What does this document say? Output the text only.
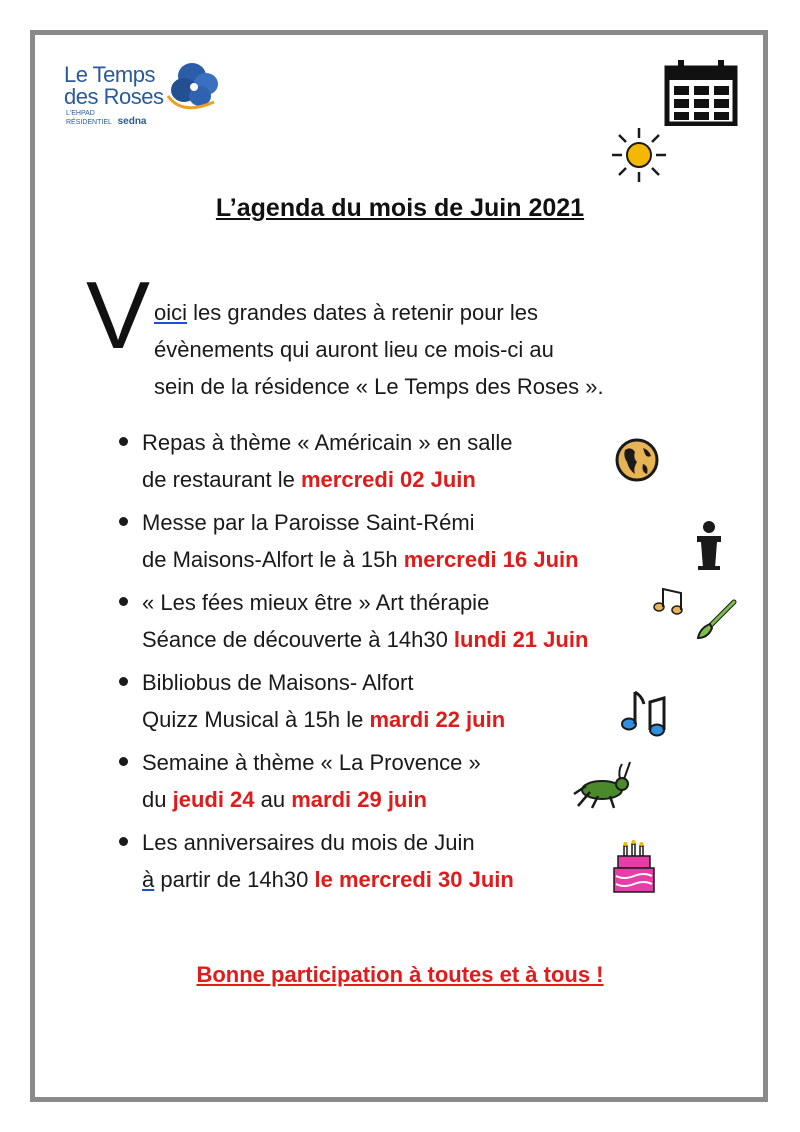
Le Temps
des Roses
L'EHPAD
RÉSIDENTIEL sedna
L’agenda du mois de Juin 2021
V oici les grandes dates à retenir pour les
évènements qui auront lieu ce mois-ci au
sein de la résidence « Le Temps des Roses ».
Repas à thème « Américain » en salle
de restaurant le mercredi 02 Juin
Messe par la Paroisse Saint-Rémi
de Maisons-Alfort le à 15h mercredi 16 Juin
« Les fées mieux être » Art thérapie
Séance de découverte à 14h30 lundi 21 Juin
Bibliobus de Maisons- Alfort
Quizz Musical à 15h le mardi 22 juin
Semaine à thème « La Provence »
du jeudi 24 au mardi 29 juin
Les anniversaires du mois de Juin
à partir de 14h30 le mercredi 30 Juin
Bonne participation à toutes et à tous !
